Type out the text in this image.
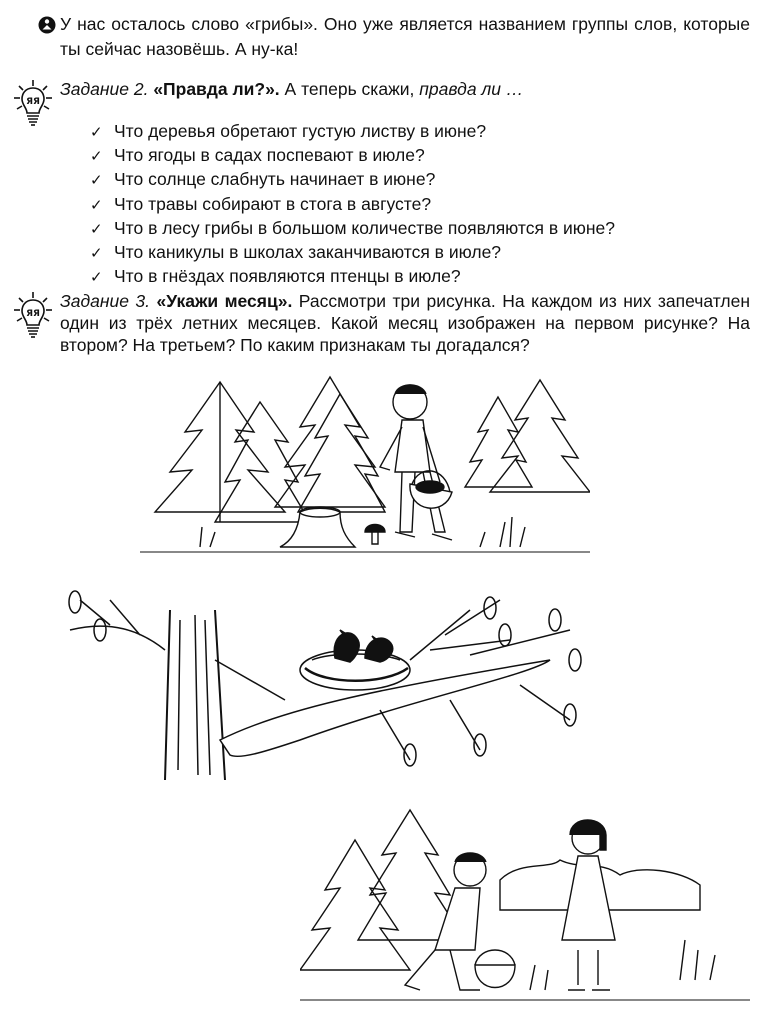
У нас осталось слово «грибы». Оно уже является названием группы слов, которые ты сейчас назовёшь. А ну-ка!

ЯЯ
Задание 2. «Правда ли?». А теперь скажи, правда ли …
✓ Что деревья обретают густую листву в июне?
✓ Что ягоды в садах поспевают в июле?
✓ Что солнце слабнуть начинает в июне?
✓ Что травы собирают в стога в августе?
✓ Что в лесу грибы в большом количестве появляются в июне?
✓ Что каникулы в школах заканчиваются в июле?
✓ Что в гнёздах появляются птенцы в июле?
ЯЯ
Задание 3. «Укажи месяц». Рассмотри три рисунка. На каждом из них запечатлен один из трёх летних месяцев. Какой месяц изображен на первом рисунке? На втором? На третьем? По каким признакам ты догадался?
